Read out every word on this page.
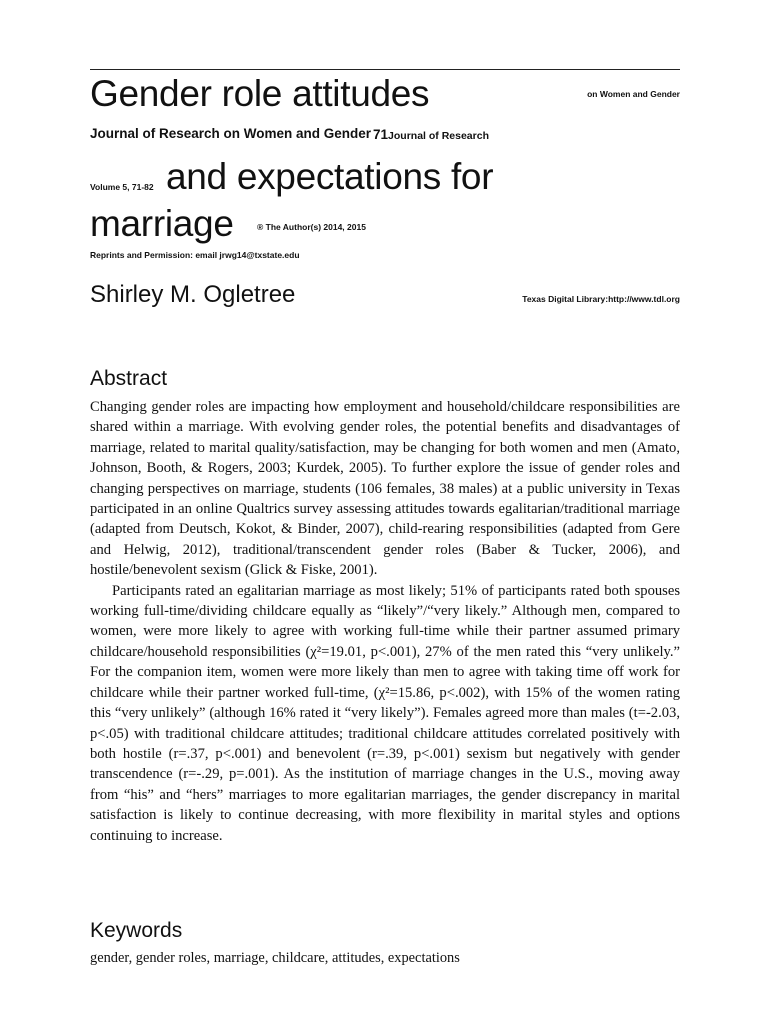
Gender role attitudes	on Women and Gender
Journal of Research on Women and Gender 71Journal of Research
Volume 5, 71-82 and expectations for
marriage	® The Author(s) 2014, 2015
Reprints and Permission: email jrwg14@txstate.edu
Shirley M. Ogletree	Texas Digital Library:http://www.tdl.org
Abstract

Changing gender roles are impacting how employment and household/childcare responsibilities are shared within a marriage. With evolving gender roles, the potential benefits and disadvantages of marriage, related to marital quality/satisfaction, may be changing for both women and men (Amato, Johnson, Booth, & Rogers, 2003; Kurdek, 2005). To further explore the issue of gender roles and changing perspectives on marriage, students (106 females, 38 males) at a public university in Texas participated in an online Qualtrics survey assessing attitudes towards egalitarian/traditional marriage (adapted from Deutsch, Kokot, & Binder, 2007), child-rearing responsibilities (adapted from Gere and Helwig, 2012), traditional/transcendent gender roles (Baber & Tucker, 2006), and hostile/benevolent sexism (Glick & Fiske, 2001).

Participants rated an egalitarian marriage as most likely; 51% of participants rated both spouses working full-time/dividing childcare equally as “likely”/“very likely.” Although men, compared to women, were more likely to agree with working full-time while their partner assumed primary childcare/household responsibilities (χ²=19.01, p<.001), 27% of the men rated this “very unlikely.” For the companion item, women were more likely than men to agree with taking time off work for childcare while their partner worked full-time, (χ²=15.86, p<.002), with 15% of the women rating this “very unlikely” (although 16% rated it “very likely”). Females agreed more than males (t=-2.03, p<.05) with traditional childcare attitudes; traditional childcare attitudes correlated positively with both hostile (r=.37, p<.001) and benevolent (r=.39, p<.001) sexism but negatively with gender transcendence (r=-.29, p=.001). As the institution of marriage changes in the U.S., moving away from “his” and “hers” marriages to more egalitarian marriages, the gender discrepancy in marital satisfaction is likely to continue decreasing, with more flexibility in marital styles and options continuing to increase.

Keywords
gender, gender roles, marriage, childcare, attitudes, expectations
